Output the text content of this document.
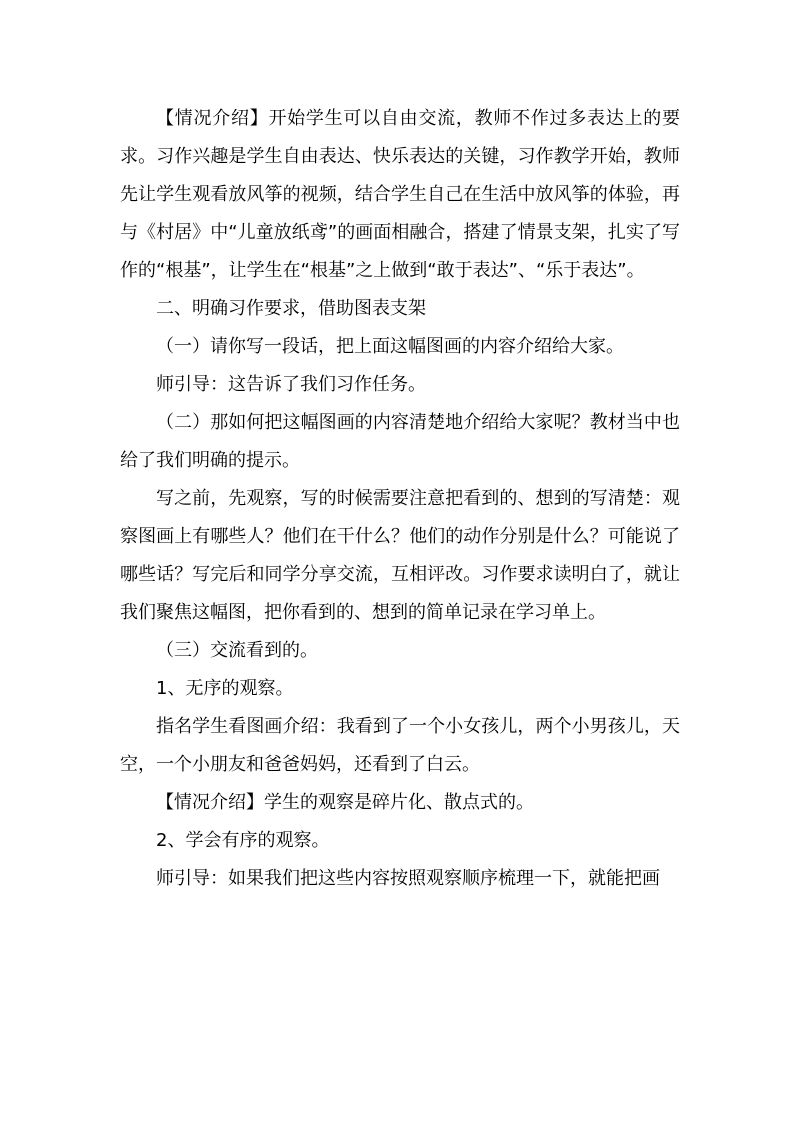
【情况介绍】开始学生可以自由交流，教师不作过多表达上的要求。习作兴趣是学生自由表达、快乐表达的关键，习作教学开始，教师先让学生观看放风筝的视频，结合学生自己在生活中放风筝的体验，再与《村居》中“儿童放纸鸢”的画面相融合，搭建了情景支架，扎实了写作的“根基”，让学生在“根基”之上做到“敢于表达”、“乐于表达”。

二、明确习作要求，借助图表支架

（一）请你写一段话，把上面这幅图画的内容介绍给大家。

师引导：这告诉了我们习作任务。

（二）那如何把这幅图画的内容清楚地介绍给大家呢？教材当中也给了我们明确的提示。

写之前，先观察，写的时候需要注意把看到的、想到的写清楚：观察图画上有哪些人？他们在干什么？他们的动作分别是什么？可能说了哪些话？写完后和同学分享交流，互相评改。习作要求读明白了，就让我们聚焦这幅图，把你看到的、想到的简单记录在学习单上。

（三）交流看到的。

1、无序的观察。

指名学生看图画介绍：我看到了一个小女孩儿，两个小男孩儿，天空，一个小朋友和爸爸妈妈，还看到了白云。

【情况介绍】学生的观察是碎片化、散点式的。

2、学会有序的观察。

师引导：如果我们把这些内容按照观察顺序梳理一下，就能把画
